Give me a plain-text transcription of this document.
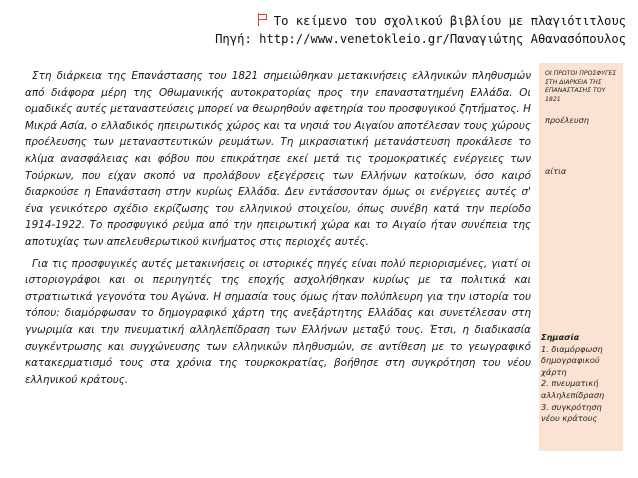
Το κείμενο του σχολικού βιβλίου με πλαγιότιτλους
Πηγή: http://www.venetokleio.gr/Παναγιώτης Αθανασόπουλος

Στη διάρκεια της Επανάστασης του 1821 σημειώθηκαν μετακινήσεις ελληνικών πληθυσμών από διάφορα μέρη της Οθωμανικής αυτοκρατορίας προς την επαναστατημένη Ελλάδα. Οι ομαδικές αυτές μεταναστεύσεις μπορεί να θεωρηθούν αφετηρία του προσφυγικού ζητήματος. Η Μικρά Ασία, ο ελλαδικός ηπειρωτικός χώρος και τα νησιά του Αιγαίου αποτέλεσαν τους χώρους προέλευσης των μεταναστευτικών ρευμάτων. Τη μικρασιατική μετανάστευση προκάλεσε το κλίμα ανασφάλειας και φόβου που επικράτησε εκεί μετά τις τρομοκρατικές ενέργειες των Τούρκων, που είχαν σκοπό να προλάβουν εξεγέρσεις των Ελλήνων κατοίκων, όσο καιρό διαρκούσε η Επανάσταση στην κυρίως Ελλάδα. Δεν εντάσσονταν όμως οι ενέργειες αυτές σ' ένα γενικότερο σχέδιο εκρίζωσης του ελληνικού στοιχείου, όπως συνέβη κατά την περίοδο 1914-1922. Το προσφυγικό ρεύμα από την ηπειρωτική χώρα και το Αιγαίο ήταν συνέπεια της αποτυχίας των απελευθερωτικού κινήματος στις περιοχές αυτές.

Για τις προσφυγικές αυτές μετακινήσεις οι ιστορικές πηγές είναι πολύ περιορισμένες, γιατί οι ιστοριογράφοι και οι περιηγητές της εποχής ασχολήθηκαν κυρίως με τα πολιτικά και στρατιωτικά γεγονότα του Αγώνα. Η σημασία τους όμως ήταν πολύπλευρη για την ιστορία του τόπου: διαμόρφωσαν το δημογραφικό χάρτη της ανεξάρτητης Ελλάδας και συνετέλεσαν στη γνωριμία και την πνευματική αλληλεπίδραση των Ελλήνων μεταξύ τους. Έτσι, η διαδικασία συγκέντρωσης και συγχώνευσης των ελληνικών πληθυσμών, σε αντίθεση με το γεωγραφικό κατακερματισμό τους στα χρόνια της τουρκοκρατίας, βοήθησε στη συγκρότηση του νέου ελληνικού κράτους.

ΟΙ ΠΡΩΤΟΙ ΠΡΟΣΦΥΓΕΣ ΣΤΗ ΔΙΑΡΚΕΙΑ ΤΗΣ ΕΠΑΝΑΣΤΑΣΗΣ ΤΟΥ 1821
προέλευση
αίτια
Σημασία
1. διαμόρφωση δημογραφικού χάρτη
2. πνευματική αλληλεπίδραση
3. συγκρότηση νέου κράτους
